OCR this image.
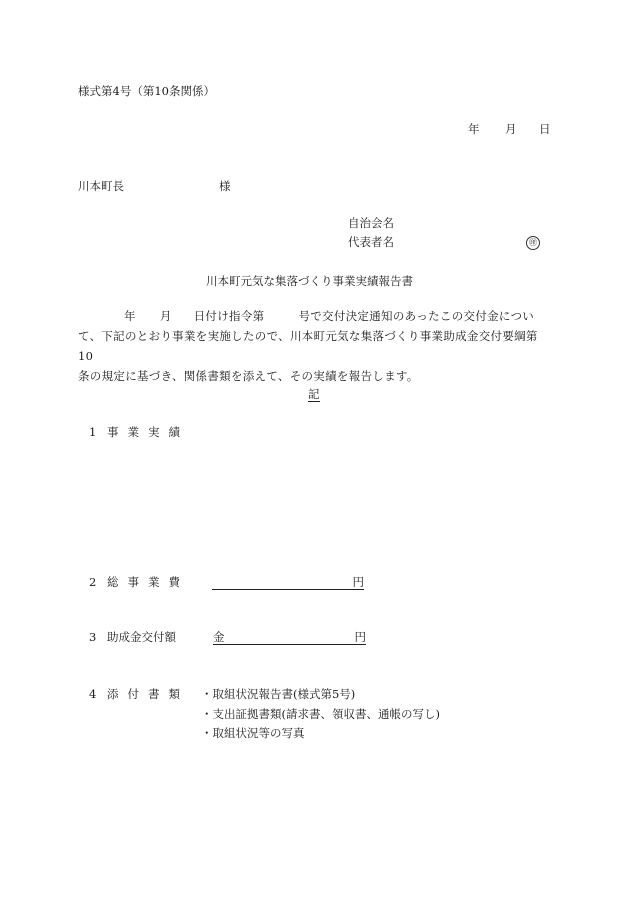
様式第4号（第10条関係）
年 月 日
川本町長	様
自治会名
代表者名	㊞
川本町元気な集落づくり事業実績報告書
年 月 日付け指令第	号で交付決定通知のあったこの交付金につい
て、下記のとおり事業を実施したので、川本町元気な集落づくり事業助成金交付要綱第10
条の規定に基づき、関係書類を添えて、その実績を報告します。
記
1 事業実績
2 総事業費	円
3 助成金交付額	金	円
4 添付書類 ・取組状況報告書(様式第5号)
・支出証拠書類(請求書、領収書、通帳の写し)
・取組状況等の写真
